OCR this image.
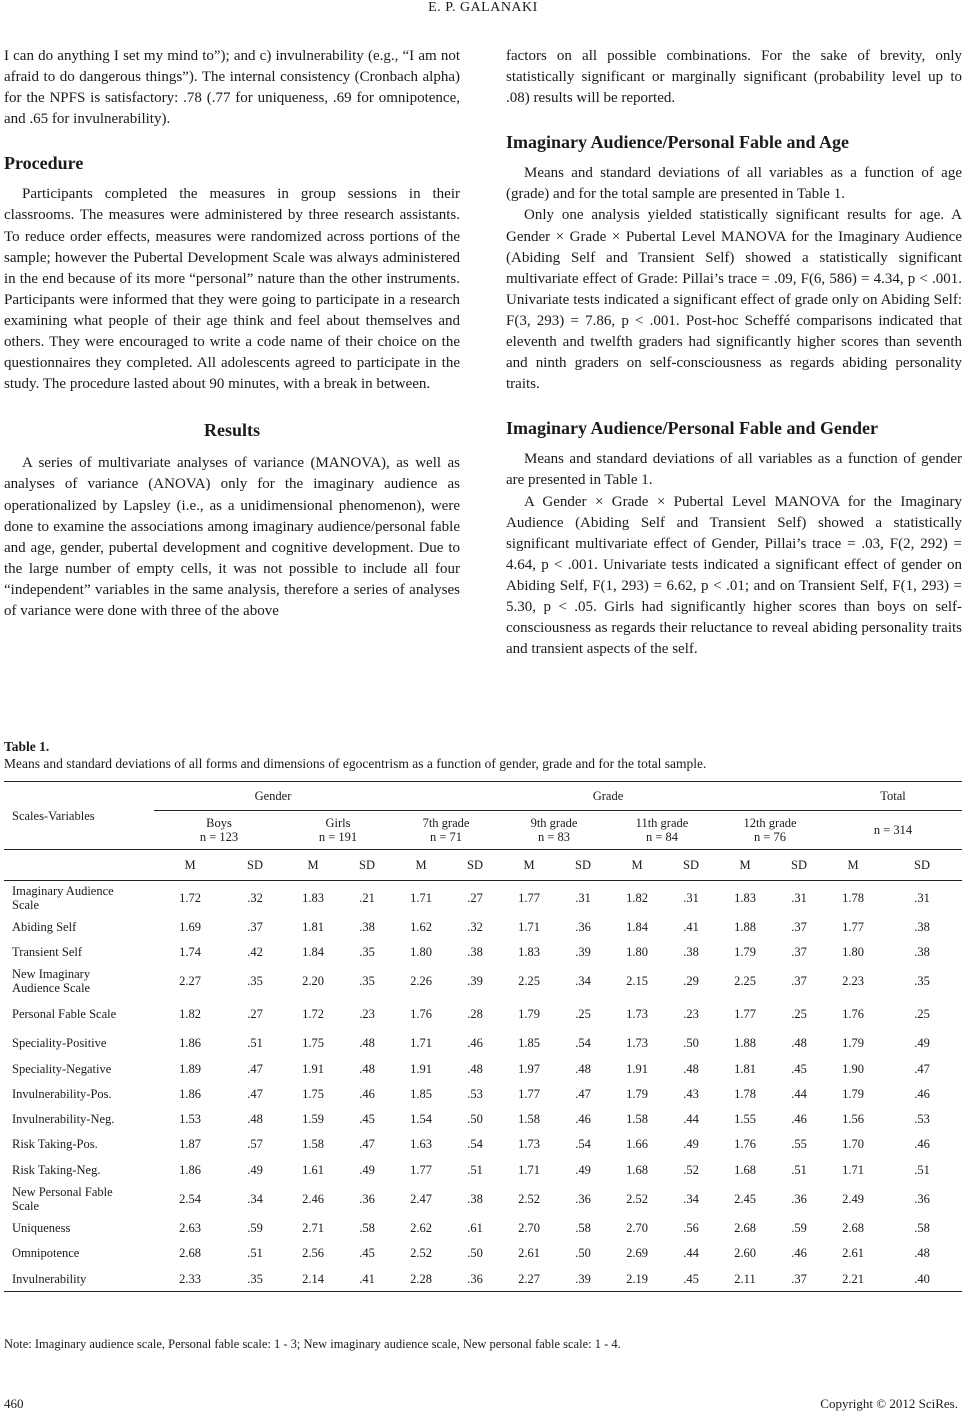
E. P. GALANAKI

I can do anything I set my mind to”); and c) invulnerability (e.g., “I am not afraid to do dangerous things”). The internal consistency (Cronbach alpha) for the NPFS is satisfactory: .78 (.77 for uniqueness, .69 for omnipotence, and .65 for invulnerability).

Procedure

Participants completed the measures in group sessions in their classrooms. The measures were administered by three research assistants. To reduce order effects, measures were randomized across portions of the sample; however the Pubertal Development Scale was always administered in the end because of its more “personal” nature than the other instruments. Participants were informed that they were going to participate in a research examining what people of their age think and feel about themselves and others. They were encouraged to write a code name of their choice on the questionnaires they completed. All adolescents agreed to participate in the study. The procedure lasted about 90 minutes, with a break in between.

Results

A series of multivariate analyses of variance (MANOVA), as well as analyses of variance (ANOVA) only for the imaginary audience as operationalized by Lapsley (i.e., as a unidimensional phenomenon), were done to examine the associations among imaginary audience/personal fable and age, gender, pubertal development and cognitive development. Due to the large number of empty cells, it was not possible to include all four “independent” variables in the same analysis, therefore a series of analyses of variance were done with three of the above

factors on all possible combinations. For the sake of brevity, only statistically significant or marginally significant (probability level up to .08) results will be reported.

Imaginary Audience/Personal Fable and Age

Means and standard deviations of all variables as a function of age (grade) and for the total sample are presented in Table 1.

Only one analysis yielded statistically significant results for age. A Gender × Grade × Pubertal Level MANOVA for the Imaginary Audience (Abiding Self and Transient Self) showed a statistically significant multivariate effect of Grade: Pillai’s trace = .09, F(6, 586) = 4.34, p < .001. Univariate tests indicated a significant effect of grade only on Abiding Self: F(3, 293) = 7.86, p < .001. Post-hoc Scheffé comparisons indicated that eleventh and twelfth graders had significantly higher scores than seventh and ninth graders on self-consciousness as regards abiding personality traits.

Imaginary Audience/Personal Fable and Gender

Means and standard deviations of all variables as a function of gender are presented in Table 1.

A Gender × Grade × Pubertal Level MANOVA for the Imaginary Audience (Abiding Self and Transient Self) showed a statistically significant multivariate effect of Gender, Pillai’s trace = .03, F(2, 292) = 4.64, p < .001. Univariate tests indicated a significant effect of gender on Abiding Self, F(1, 293) = 6.62, p < .01; and on Transient Self, F(1, 293) = 5.30, p < .05. Girls had significantly higher scores than boys on self-consciousness as regards their reluctance to reveal abiding personality traits and transient aspects of the self.

Table 1.
Means and standard deviations of all forms and dimensions of egocentrism as a function of gender, grade and for the total sample.

Scales-Variables	Gender				Grade								Total	

	Boys
n = 123		Girls
n = 191		7th grade
n = 71		9th grade
n = 83		11th grade
n = 84		12th grade
n = 76		n = 314	

	M	SD	M	SD	M	SD	M	SD	M	SD	M	SD	M	SD
Imaginary Audience Scale	1.72	.32	1.83	.21	1.71	.27	1.77	.31	1.82	.31	1.83	.31	1.78	.31
Abiding Self	1.69	.37	1.81	.38	1.62	.32	1.71	.36	1.84	.41	1.88	.37	1.77	.38
Transient Self	1.74	.42	1.84	.35	1.80	.38	1.83	.39	1.80	.38	1.79	.37	1.80	.38
New Imaginary Audience Scale	2.27	.35	2.20	.35	2.26	.39	2.25	.34	2.15	.29	2.25	.37	2.23	.35
Personal Fable Scale	1.82	.27	1.72	.23	1.76	.28	1.79	.25	1.73	.23	1.77	.25	1.76	.25
Speciality-Positive	1.86	.51	1.75	.48	1.71	.46	1.85	.54	1.73	.50	1.88	.48	1.79	.49
Speciality-Negative	1.89	.47	1.91	.48	1.91	.48	1.97	.48	1.91	.48	1.81	.45	1.90	.47
Invulnerability-Pos.	1.86	.47	1.75	.46	1.85	.53	1.77	.47	1.79	.43	1.78	.44	1.79	.46
Invulnerability-Neg.	1.53	.48	1.59	.45	1.54	.50	1.58	.46	1.58	.44	1.55	.46	1.56	.53
Risk Taking-Pos.	1.87	.57	1.58	.47	1.63	.54	1.73	.54	1.66	.49	1.76	.55	1.70	.46
Risk Taking-Neg.	1.86	.49	1.61	.49	1.77	.51	1.71	.49	1.68	.52	1.68	.51	1.71	.51
New Personal Fable Scale	2.54	.34	2.46	.36	2.47	.38	2.52	.36	2.52	.34	2.45	.36	2.49	.36
Uniqueness	2.63	.59	2.71	.58	2.62	.61	2.70	.58	2.70	.56	2.68	.59	2.68	.58
Omnipotence	2.68	.51	2.56	.45	2.52	.50	2.61	.50	2.69	.44	2.60	.46	2.61	.48
Invulnerability	2.33	.35	2.14	.41	2.28	.36	2.27	.39	2.19	.45	2.11	.37	2.21	.40
Note: Imaginary audience scale, Personal fable scale: 1 - 3; New imaginary audience scale, New personal fable scale: 1 - 4.
460	Copyright © 2012 SciRes.
